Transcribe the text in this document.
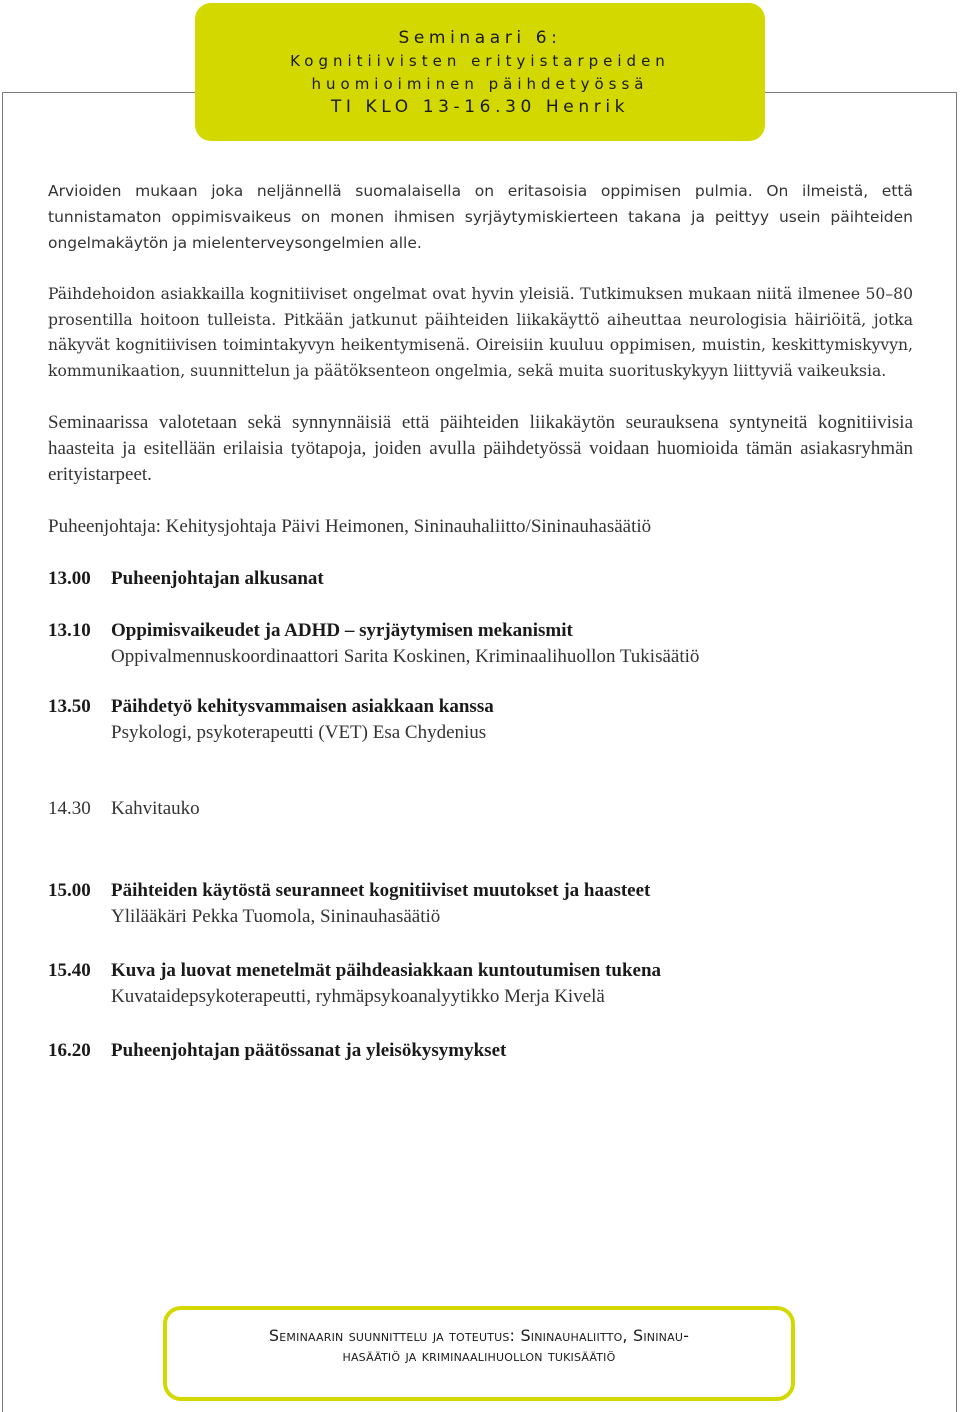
Seminaari 6:
Kognitiivisten erityistarpeiden
huomioiminen päihdetyössä
TI KLO 13-16.30 Henrik

Arvioiden mukaan joka neljännellä suomalaisella on eritasoisia oppimisen pulmia. On ilmeistä, että tunnistamaton oppimisvaikeus on monen ihmisen syrjäytymiskierteen takana ja peittyy usein päihteiden ongelmakäytön ja mielenterveysongelmien alle.

Päihdehoidon asiakkailla kognitiiviset ongelmat ovat hyvin yleisiä. Tutkimuksen mukaan niitä ilmenee 50–80 prosentilla hoitoon tulleista. Pitkään jatkunut päihteiden liikakäyttö aiheuttaa neurologisia häiriöitä, jotka näkyvät kognitiivisen toimintakyvyn heikentymisenä. Oireisiin kuuluu oppimisen, muistin, keskittymiskyvyn, kommunikaation, suunnittelun ja päätöksenteon ongelmia, sekä muita suorituskykyyn liittyviä vaikeuksia.

Seminaarissa valotetaan sekä synnynnäisiä että päihteiden liikakäytön seurauksena syntyneitä kognitiivisia haasteita ja esitellään erilaisia työtapoja, joiden avulla päihdetyössä voidaan huomioida tämän asiakasryhmän erityistarpeet.

Puheenjohtaja: Kehitysjohtaja Päivi Heimonen, Sininauhaliitto/Sininauhasäätiö

13.00	Puheenjohtajan alkusanat
13.10	Oppimisvaikeudet ja ADHD – syrjäytymisen mekanismit
Oppivalmennuskoordinaattori Sarita Koskinen, Kriminaalihuollon Tukisäätiö
13.50	Päihdetyö kehitysvammaisen asiakkaan kanssa
Psykologi, psykoterapeutti (VET) Esa Chydenius
14.30	Kahvitauko
15.00	Päihteiden käytöstä seuranneet kognitiiviset muutokset ja haasteet
Ylilääkäri Pekka Tuomola, Sininauhasäätiö
15.40	Kuva ja luovat menetelmät päihdeasiakkaan kuntoutumisen tukena
Kuvataidepsykoterapeutti, ryhmäpsykoanalyytikko Merja Kivelä
16.20	Puheenjohtajan päätössanat ja yleisökysymykset
Seminaarin suunnittelu ja toteutus: Sininauhaliitto, Sininau-
hasäätiö ja kriminaalihuollon tukisäätiö
